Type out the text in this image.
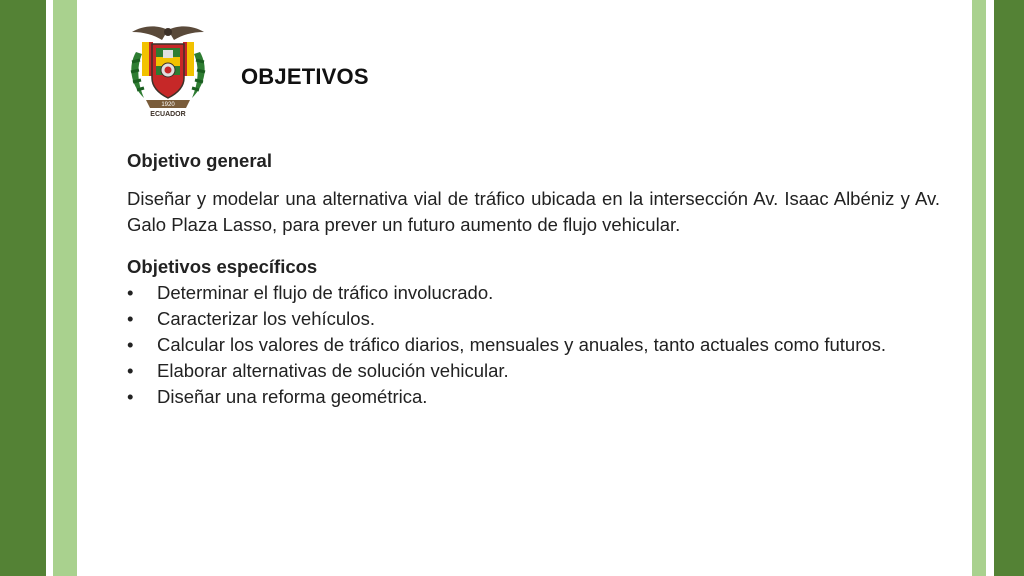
1920
ECUADOR
OBJETIVOS

Objetivo general

Diseñar y modelar una alternativa vial de tráfico ubicada en la intersección Av. Isaac Albéniz y Av. Galo Plaza Lasso, para prever un futuro aumento de flujo vehicular.

Objetivos específicos

•	Determinar el flujo de tráfico involucrado.
•	Caracterizar los vehículos.
•	Calcular los valores de tráfico diarios, mensuales y anuales, tanto actuales como futuros.
•	Elaborar alternativas de solución vehicular.
•	Diseñar una reforma geométrica.
